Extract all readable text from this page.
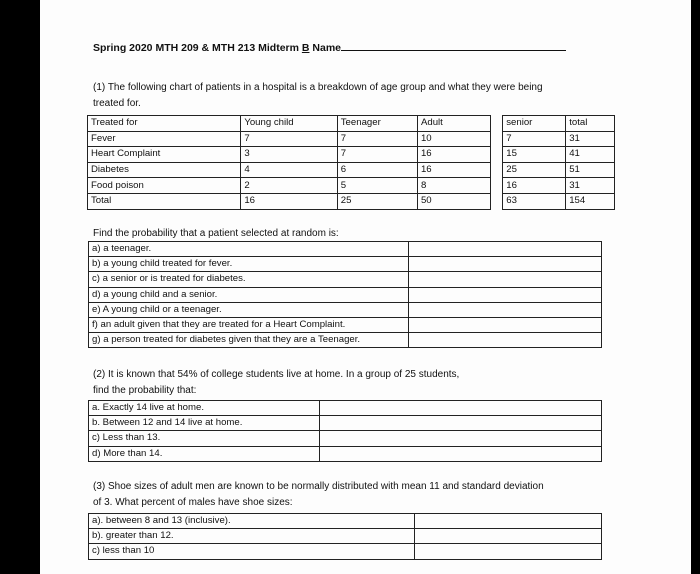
Spring 2020 MTH 209 & MTH 213 Midterm B Name
(1) The following chart of patients in a hospital is a breakdown of age group and what they were being
treated for.
Treated for	Young child	Teenager	Adult		senior	total
Fever	7	7	10		7	31
Heart Complaint	3	7	16		15	41
Diabetes	4	6	16		25	51
Food poison	2	5	8		16	31
Total	16	25	50		63	154
Find the probability that a patient selected at random is:
a) a teenager.	
b) a young child treated for fever.	
c) a senior or is treated for diabetes.	
d) a young child and a senior.	
e) A young child or a teenager.	
f) an adult given that they are treated for a Heart Complaint.	
g) a person treated for diabetes given that they are a Teenager.	
(2) It is known that 54% of college students live at home. In a group of 25 students,
find the probability that:
a. Exactly 14 live at home.	
b. Between 12 and 14 live at home.	
c) Less than 13.	
d) More than 14.	
(3) Shoe sizes of adult men are known to be normally distributed with mean 11 and standard deviation
of 3. What percent of males have shoe sizes:
a). between 8 and 13 (inclusive).	
b). greater than 12.	
c) less than 10	
